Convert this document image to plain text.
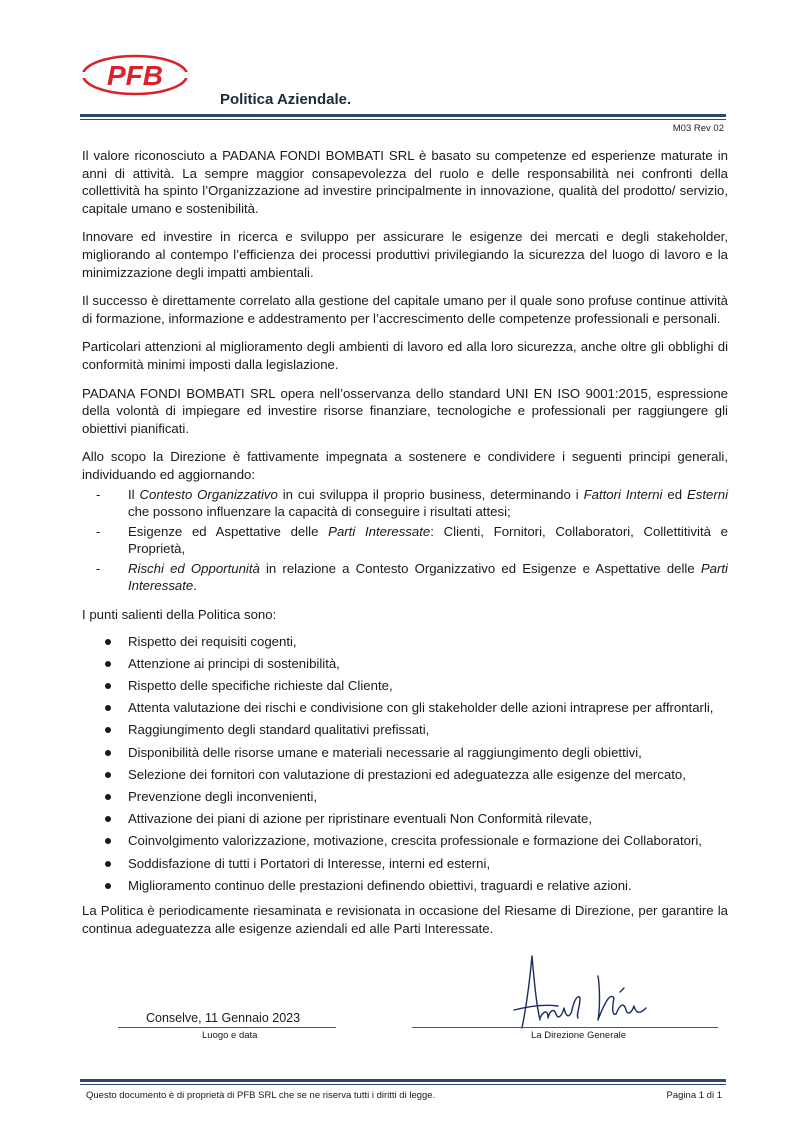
PFB
Politica Aziendale.
M03 Rev 02

Il valore riconosciuto a PADANA FONDI BOMBATI SRL è basato su competenze ed esperienze maturate in anni di attività. La sempre maggior consapevolezza del ruolo e delle responsabilità nei confronti della collettività ha spinto l’Organizzazione ad investire principalmente in innovazione, qualità del prodotto/ servizio, capitale umano e sostenibilità.

Innovare ed investire in ricerca e sviluppo per assicurare le esigenze dei mercati e degli stakeholder, migliorando al contempo l’efficienza dei processi produttivi privilegiando la sicurezza del luogo di lavoro e la minimizzazione degli impatti ambientali.

Il successo è direttamente correlato alla gestione del capitale umano per il quale sono profuse continue attività di formazione, informazione e addestramento per l’accrescimento delle competenze professionali e personali.

Particolari attenzioni al miglioramento degli ambienti di lavoro ed alla loro sicurezza, anche oltre gli obblighi di conformità minimi imposti dalla legislazione.

PADANA FONDI BOMBATI SRL opera nell’osservanza dello standard UNI EN ISO 9001:2015, espressione della volontà di impiegare ed investire risorse finanziare, tecnologiche e professionali per raggiungere gli obiettivi pianificati.

Allo scopo la Direzione è fattivamente impegnata a sostenere e condividere i seguenti principi generali, individuando ed aggiornando:

- Il Contesto Organizzativo in cui sviluppa il proprio business, determinando i Fattori Interni ed Esterni che possono influenzare la capacità di conseguire i risultati attesi;
- Esigenze ed Aspettative delle Parti Interessate: Clienti, Fornitori, Collaboratori, Collettitività e Proprietà,
- Rischi ed Opportunità in relazione a Contesto Organizzativo ed Esigenze e Aspettative delle Parti Interessate.

I punti salienti della Politica sono:

Rispetto dei requisiti cogenti,
Attenzione ai principi di sostenibilità,
Rispetto delle specifiche richieste dal Cliente,
Attenta valutazione dei rischi e condivisione con gli stakeholder delle azioni intraprese per affrontarli,
Raggiungimento degli standard qualitativi prefissati,
Disponibilità delle risorse umane e materiali necessarie al raggiungimento degli obiettivi,
Selezione dei fornitori con valutazione di prestazioni ed adeguatezza alle esigenze del mercato,
Prevenzione degli inconvenienti,
Attivazione dei piani di azione per ripristinare eventuali Non Conformità rilevate,
Coinvolgimento valorizzazione, motivazione, crescita professionale e formazione dei Collaboratori,
Soddisfazione di tutti i Portatori di Interesse, interni ed esterni,
Miglioramento continuo delle prestazioni definendo obiettivi, traguardi e relative azioni.

La Politica è periodicamente riesaminata e revisionata in occasione del Riesame di Direzione, per garantire la continua adeguatezza alle esigenze aziendali ed alle Parti Interessate.

Conselve, 11 Gennaio 2023
Luogo e data	La Direzione Generale
Questo documento è di proprietà di PFB SRL che se ne riserva tutti i diritti di legge.	Pagina 1 di 1
